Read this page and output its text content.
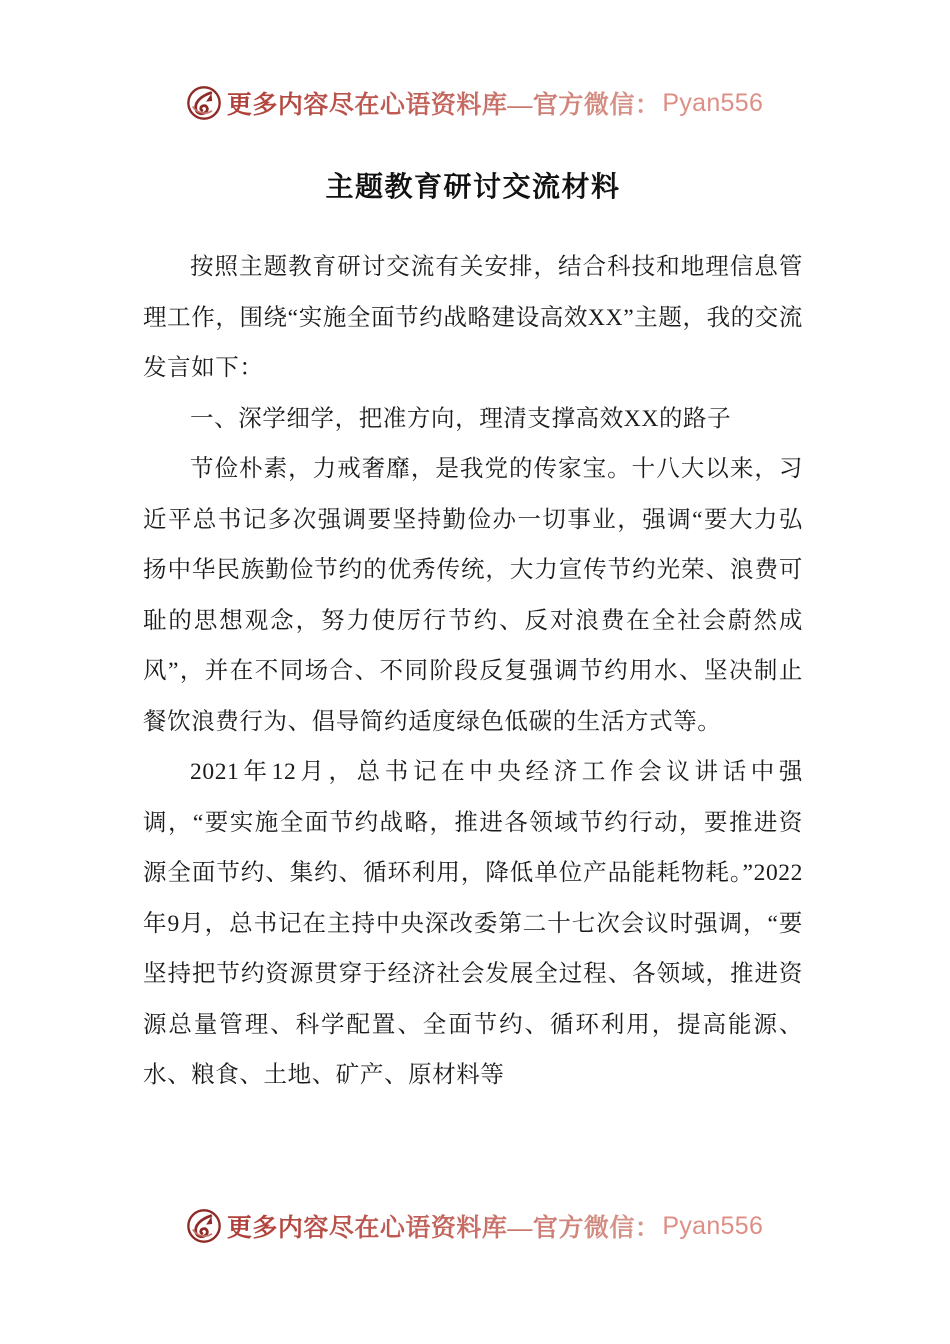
更多内容尽在心语资料库—官方微信： Pyan556
主题教育研讨交流材料

按照主题教育研讨交流有关安排，结合科技和地理信息管理工作，围绕“实施全面节约战略建设高效XX”主题，我的交流发言如下：

一、深学细学，把准方向，理清支撑高效XX的路子

节俭朴素，力戒奢靡，是我党的传家宝。十八大以来，习近平总书记多次强调要坚持勤俭办一切事业，强调“要大力弘扬中华民族勤俭节约的优秀传统，大力宣传节约光荣、浪费可耻的思想观念，努力使厉行节约、反对浪费在全社会蔚然成风”，并在不同场合、不同阶段反复强调节约用水、坚决制止餐饮浪费行为、倡导简约适度绿色低碳的生活方式等。

2021年12月，总书记在中央经济工作会议讲话中强调，“要实施全面节约战略，推进各领域节约行动，要推进资源全面节约、集约、循环利用，降低单位产品能耗物耗。”2022年9月，总书记在主持中央深改委第二十七次会议时强调，“要坚持把节约资源贯穿于经济社会发展全过程、各领域，推进资源总量管理、科学配置、全面节约、循环利用，提高能源、水、粮食、土地、矿产、原材料等

更多内容尽在心语资料库—官方微信： Pyan556
